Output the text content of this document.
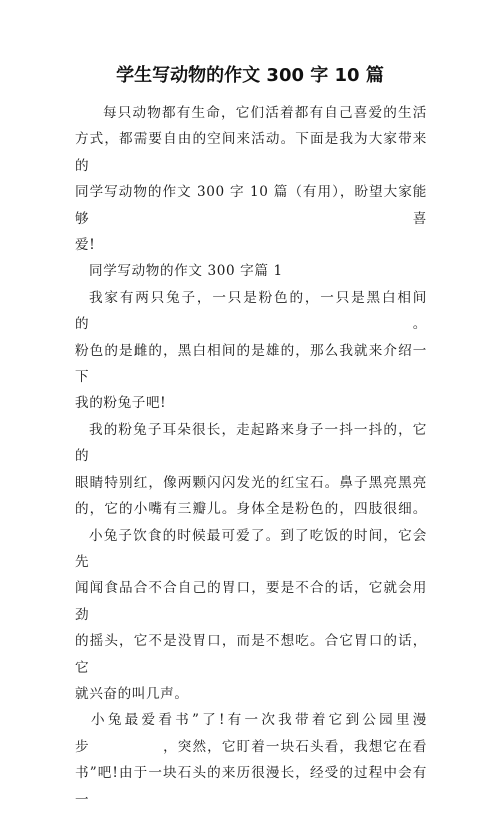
学生写动物的作文 300 字 10 篇

每只动物都有生命，它们活着都有自己喜爱的生活

方式，都需要自由的空间来活动。下面是我为大家带来的

同学写动物的作文 300 字 10 篇（有用），盼望大家能够喜

爱!

同学写动物的作文 300 字篇 1

我家有两只兔子，一只是粉色的，一只是黑白相间的。

粉色的是雌的，黑白相间的是雄的，那么我就来介绍一下

我的粉兔子吧!

我的粉兔子耳朵很长，走起路来身子一抖一抖的，它的

眼睛特别红，像两颗闪闪发光的红宝石。鼻子黑亮黑亮

的，它的小嘴有三瓣儿。身体全是粉色的，四肢很细。

小兔子饮食的时候最可爱了。到了吃饭的时间，它会先

闻闻食品合不合自己的胃口，要是不合的话，它就会用劲

的摇头，它不是没胃口，而是不想吃。合它胃口的话，它

就兴奋的叫几声。

小兔最爱看书”了!有一次我带着它到公园里漫

步　　　　　，突然，它盯着一块石头看，我想它在看

书”吧!由于一块石头的来历很漫长，经受的过程中会有一
